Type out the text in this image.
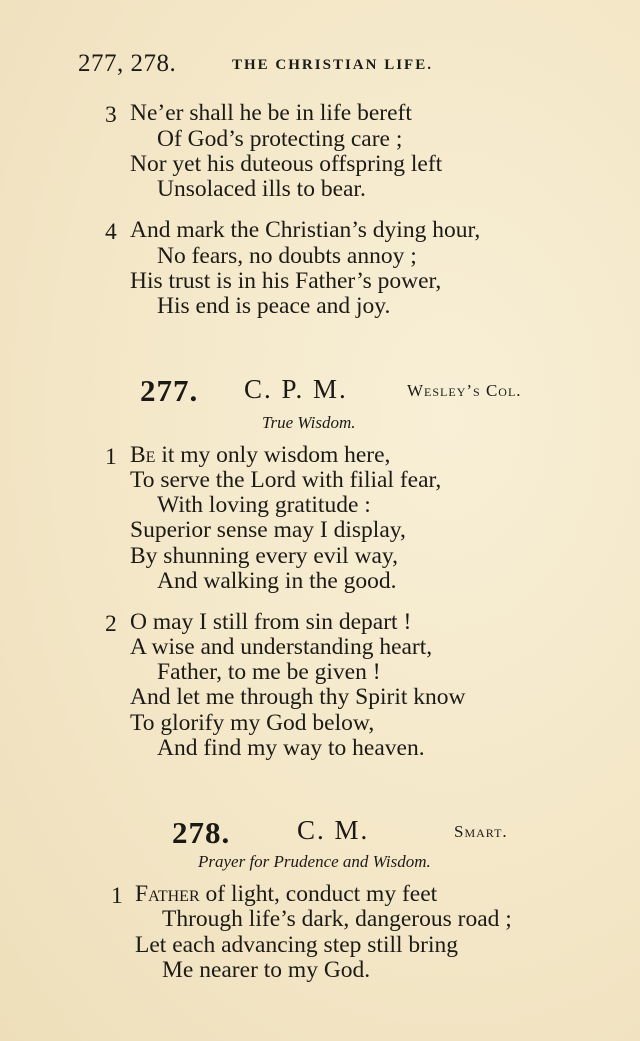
277, 278.	THE CHRISTIAN LIFE.
3 Ne’er shall he be in life bereft
Of God’s protecting care ;
Nor yet his duteous offspring left
Unsolaced ills to bear.
4 And mark the Christian’s dying hour,
No fears, no doubts annoy ;
His trust is in his Father’s power,
His end is peace and joy.
277. C. P. M.	Wesley’s Col.
True Wisdom.
1 Be it my only wisdom here,
To serve the Lord with filial fear,
With loving gratitude :
Superior sense may I display,
By shunning every evil way,
And walking in the good.
2 O may I still from sin depart !
A wise and understanding heart,
Father, to me be given !
And let me through thy Spirit know
To glorify my God below,
And find my way to heaven.
278. C. M.	Smart.
Prayer for Prudence and Wisdom.
1 Father of light, conduct my feet
Through life’s dark, dangerous road ;
Let each advancing step still bring
Me nearer to my God.
